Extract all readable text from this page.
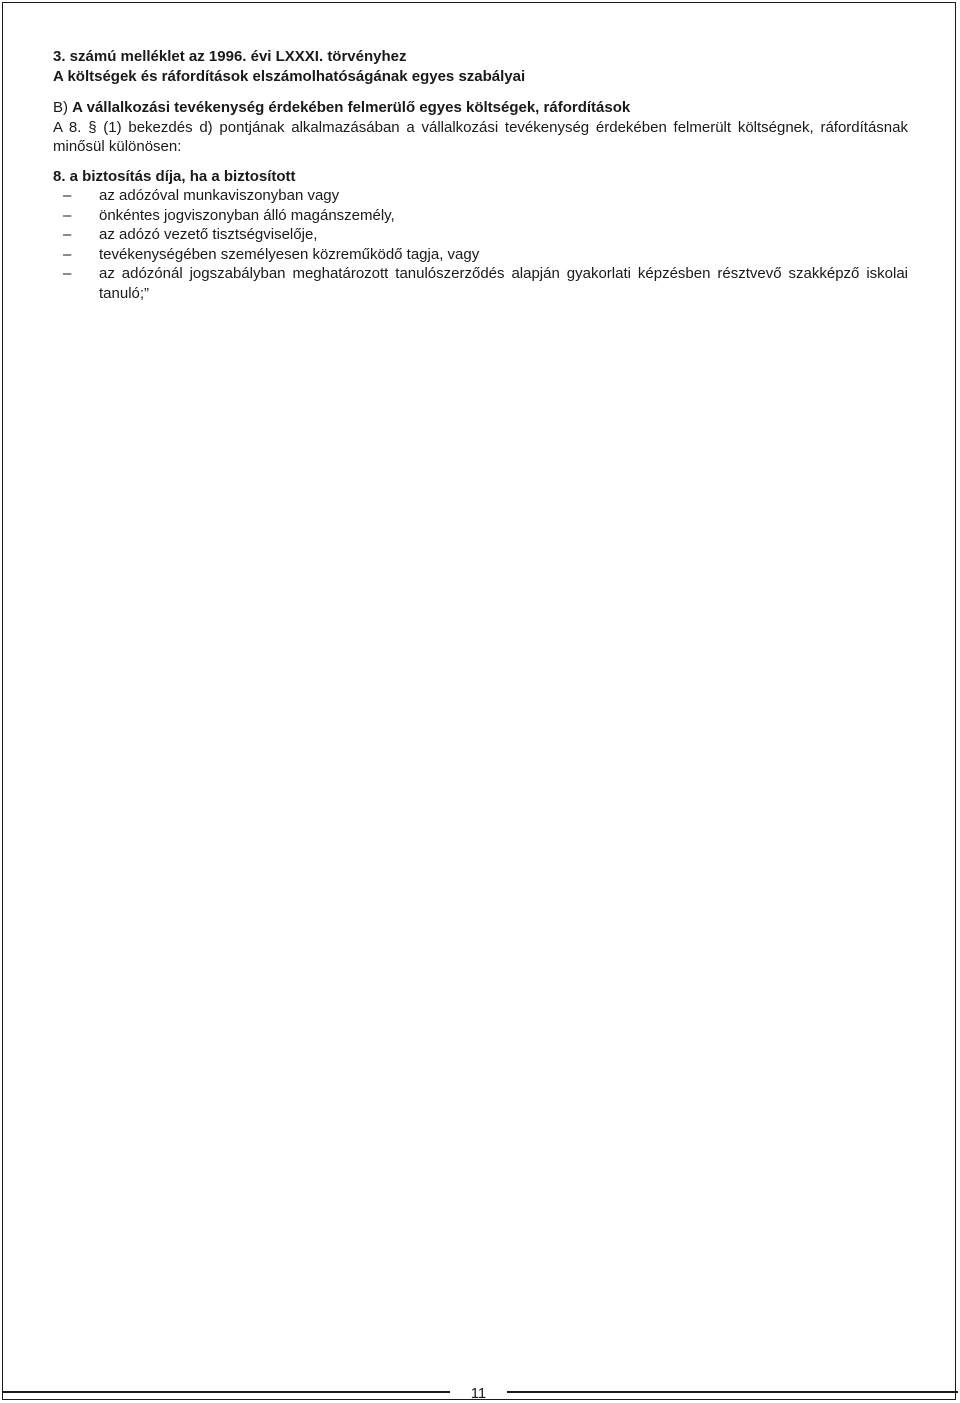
3. számú melléklet az 1996. évi LXXXI. törvényhez
A költségek és ráfordítások elszámolhatóságának egyes szabályai
B) A vállalkozási tevékenység érdekében felmerülő egyes költségek, ráfordítások
A 8. § (1) bekezdés d) pontjának alkalmazásában a vállalkozási tevékenység érdekében felmerült költségnek, ráfordításnak minősül különösen:
8. a biztosítás díja, ha a biztosított
– az adózóval munkaviszonyban vagy
– önkéntes jogviszonyban álló magánszemély,
– az adózó vezető tisztségviselője,
– tevékenységében személyesen közreműködő tagja, vagy
– az adózónál jogszabályban meghatározott tanulószerződés alapján gyakorlati képzésben résztvevő szakképző iskolai tanuló;”
11
